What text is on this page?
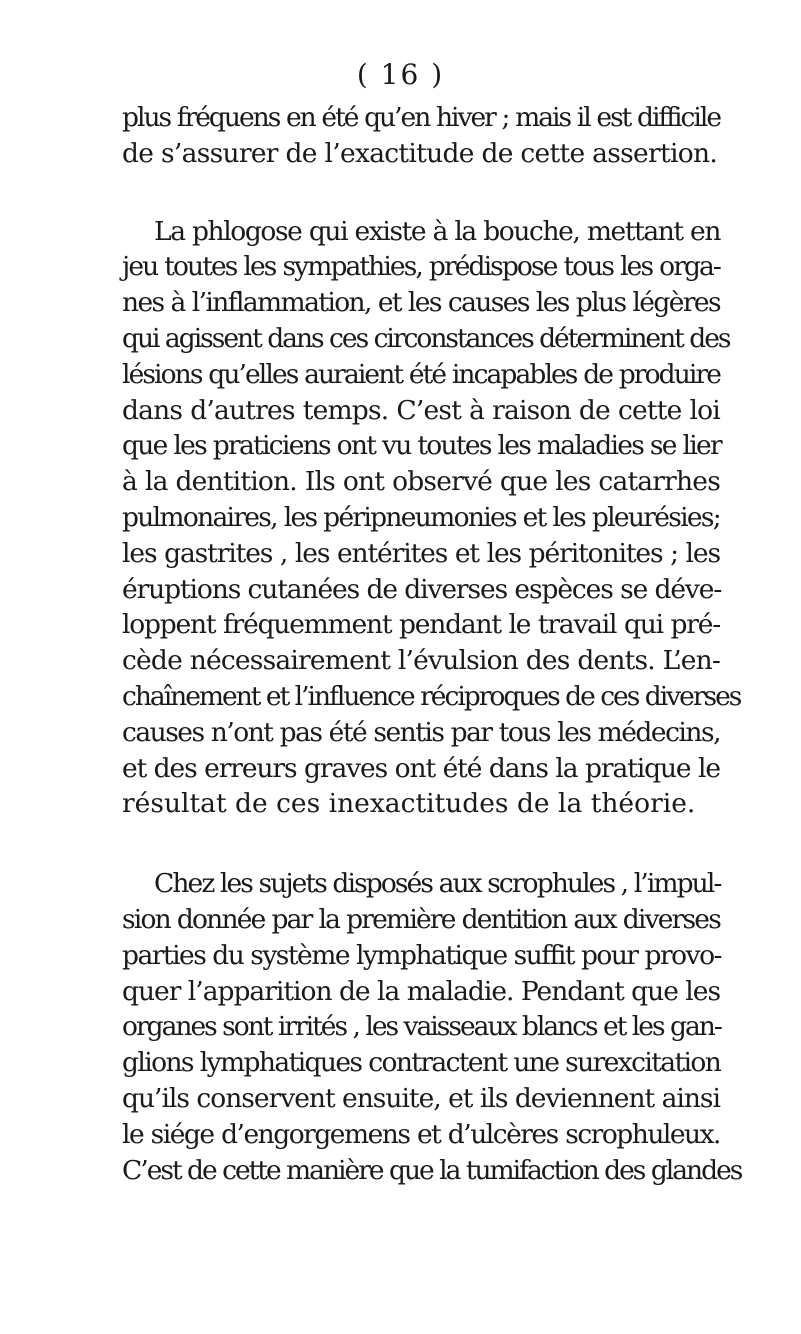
( 16 )
plus fréquens en été qu’en hiver ; mais il est difficile
de s’assurer de l’exactitude de cette assertion.
La phlogose qui existe à la bouche, mettant en
jeu toutes les sympathies, prédispose tous les orga-
nes à l’inflammation, et les causes les plus légères
qui agissent dans ces circonstances déterminent des
lésions qu’elles auraient été incapables de produire
dans d’autres temps. C’est à raison de cette loi
que les praticiens ont vu toutes les maladies se lier
à la dentition. Ils ont observé que les catarrhes
pulmonaires, les péripneumonies et les pleurésies;
les gastrites , les entérites et les péritonites ; les
éruptions cutanées de diverses espèces se déve-
loppent fréquemment pendant le travail qui pré-
cède nécessairement l’évulsion des dents. L’en-
chaînement et l’influence réciproques de ces diverses
causes n’ont pas été sentis par tous les médecins,
et des erreurs graves ont été dans la pratique le
résultat de ces inexactitudes de la théorie.
Chez les sujets disposés aux scrophules , l’impul-
sion donnée par la première dentition aux diverses
parties du système lymphatique suffit pour provo-
quer l’apparition de la maladie. Pendant que les
organes sont irrités , les vaisseaux blancs et les gan-
glions lymphatiques contractent une surexcitation
qu’ils conservent ensuite, et ils deviennent ainsi
le siége d’engorgemens et d’ulcères scrophuleux.
C’est de cette manière que la tumifaction des glandes
